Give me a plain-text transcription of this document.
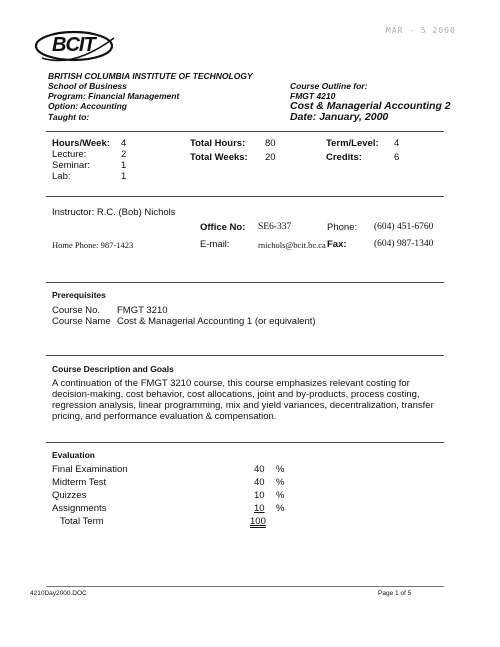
MAR - 5 2000
BCIT
BRITISH COLUMBIA INSTITUTE OF TECHNOLOGY
School of Business
Program: Financial Management
Option: Accounting
Taught to:
Course Outline for:
FMGT 4210
Cost & Managerial Accounting 2
Date: January, 2000
Hours/Week: 4
Lecture:	2
Seminar:	1
Lab:	1
Total Hours: 80
Total Weeks: 20
Term/Level: 4
Credits:	6
Instructor: R.C. (Bob) Nichols
Office No: SE6-337	Phone: (604) 451-6760
Home Phone: 987-1423	E-mail:	rnichols@bcit.bc.ca Fax:	(604) 987-1340
Prerequisites
Course No. FMGT 3210
Course Name Cost & Managerial Accounting 1 (or equivalent)
Course Description and Goals
A continuation of the FMGT 3210 course, this course emphasizes relevant costing for
decision-making, cost behavior, cost allocations, joint and by-products, process costing,
regression analysis, linear programming, mix and yield variances, decentralization, transfer
pricing, and performance evaluation & compensation.
Evaluation
Final Examination	40 %
Midterm Test	40 %
Quizzes	10 %
Assignments	10 %
Total Term	100
4210Day2000.DOC	Page 1 of 5
